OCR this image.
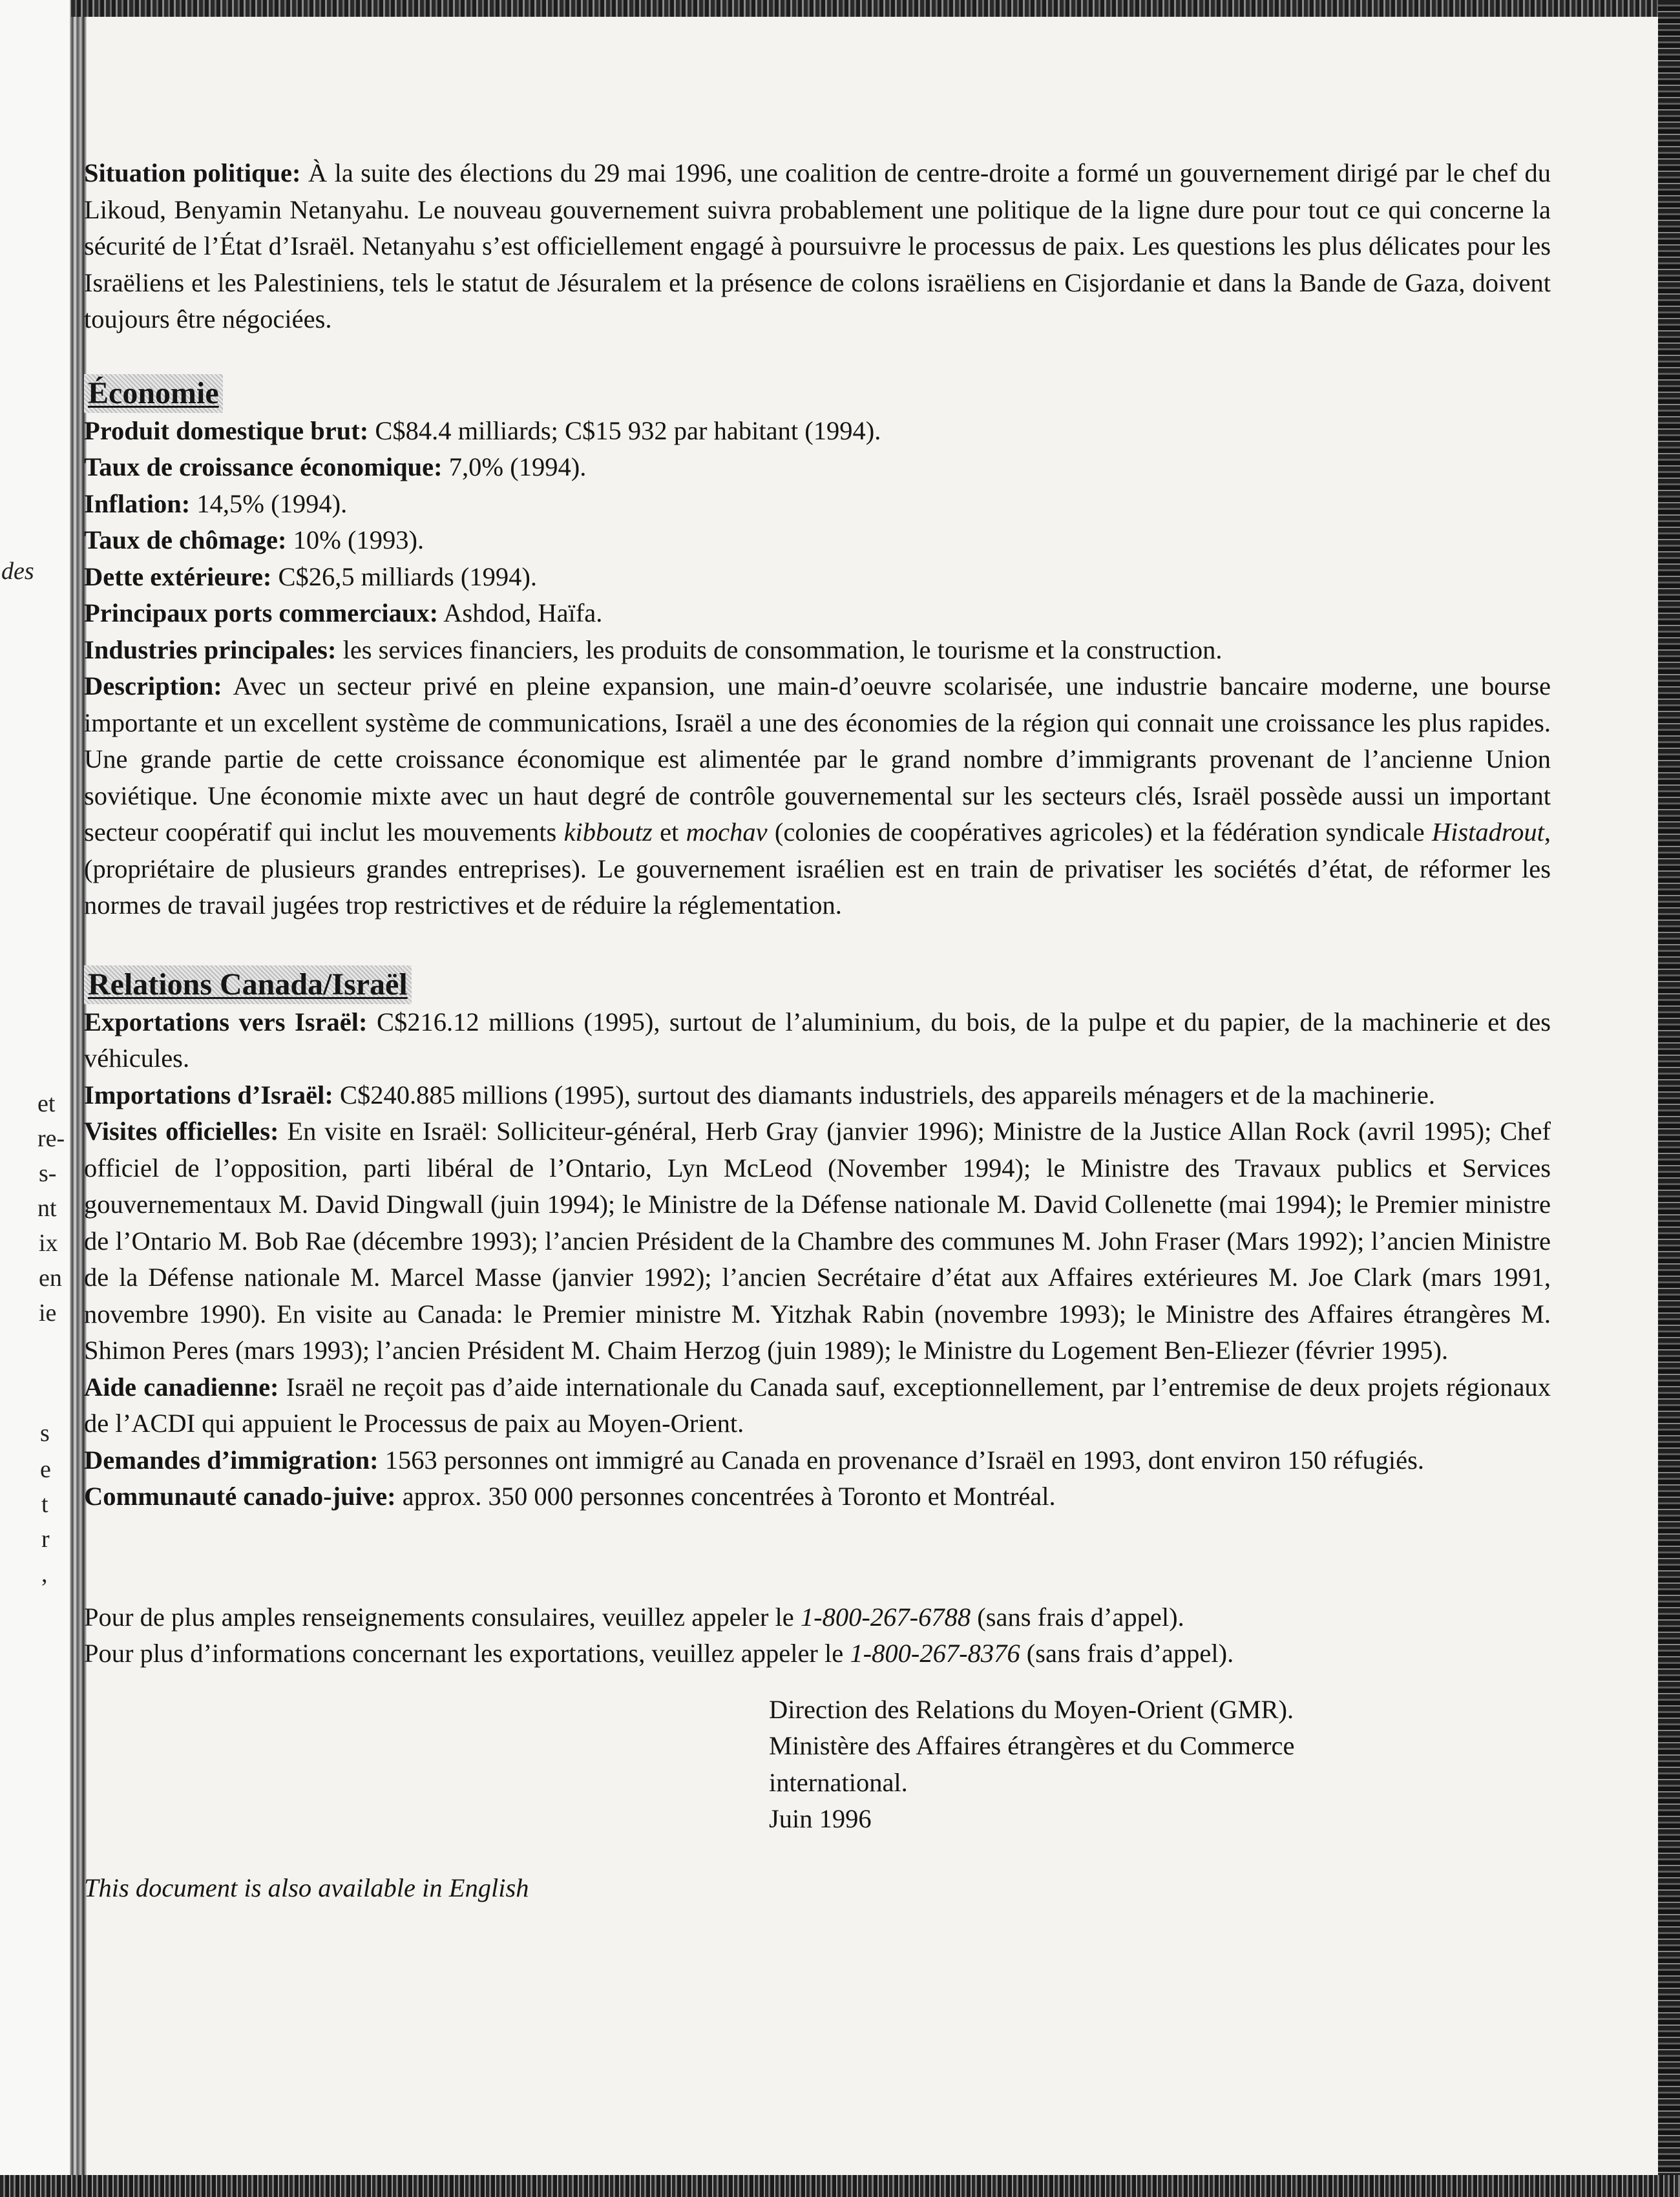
des
et
re-
s-
nt
ix
en
ie
s
e
t
r
,

Situation politique: À la suite des élections du 29 mai 1996, une coalition de centre-droite a formé un gouvernement dirigé par le chef du Likoud, Benyamin Netanyahu. Le nouveau gouvernement suivra probablement une politique de la ligne dure pour tout ce qui concerne la sécurité de l’État d’Israël. Netanyahu s’est officiellement engagé à poursuivre le processus de paix. Les questions les plus délicates pour les Israëliens et les Palestiniens, tels le statut de Jésuralem et la présence de colons israëliens en Cisjordanie et dans la Bande de Gaza, doivent toujours être négociées.

Économie

Produit domestique brut: C$84.4 milliards; C$15 932 par habitant (1994).

Taux de croissance économique: 7,0% (1994).

Inflation: 14,5% (1994).

Taux de chômage: 10% (1993).

Dette extérieure: C$26,5 milliards (1994).

Principaux ports commerciaux: Ashdod, Haïfa.

Industries principales: les services financiers, les produits de consommation, le tourisme et la construction.

Description: Avec un secteur privé en pleine expansion, une main-d’oeuvre scolarisée, une industrie bancaire moderne, une bourse importante et un excellent système de communications, Israël a une des économies de la région qui connait une croissance les plus rapides. Une grande partie de cette croissance économique est alimentée par le grand nombre d’immigrants provenant de l’ancienne Union soviétique. Une économie mixte avec un haut degré de contrôle gouvernemental sur les secteurs clés, Israël possède aussi un important secteur coopératif qui inclut les mouvements kibboutz et mochav (colonies de coopératives agricoles) et la fédération syndicale Histadrout, (propriétaire de plusieurs grandes entreprises). Le gouvernement israélien est en train de privatiser les sociétés d’état, de réformer les normes de travail jugées trop restrictives et de réduire la réglementation.

Relations Canada/Israël

Exportations vers Israël: C$216.12 millions (1995), surtout de l’aluminium, du bois, de la pulpe et du papier, de la machinerie et des véhicules.

Importations d’Israël: C$240.885 millions (1995), surtout des diamants industriels, des appareils ménagers et de la machinerie.

Visites officielles: En visite en Israël: Solliciteur-général, Herb Gray (janvier 1996); Ministre de la Justice Allan Rock (avril 1995); Chef officiel de l’opposition, parti libéral de l’Ontario, Lyn McLeod (November 1994); le Ministre des Travaux publics et Services gouvernementaux M. David Dingwall (juin 1994); le Ministre de la Défense nationale M. David Collenette (mai 1994); le Premier ministre de l’Ontario M. Bob Rae (décembre 1993); l’ancien Président de la Chambre des communes M. John Fraser (Mars 1992); l’ancien Ministre de la Défense nationale M. Marcel Masse (janvier 1992); l’ancien Secrétaire d’état aux Affaires extérieures M. Joe Clark (mars 1991, novembre 1990). En visite au Canada: le Premier ministre M. Yitzhak Rabin (novembre 1993); le Ministre des Affaires étrangères M. Shimon Peres (mars 1993); l’ancien Président M. Chaim Herzog (juin 1989); le Ministre du Logement Ben-Eliezer (février 1995).

Aide canadienne: Israël ne reçoit pas d’aide internationale du Canada sauf, exceptionnellement, par l’entremise de deux projets régionaux de l’ACDI qui appuient le Processus de paix au Moyen-Orient.

Demandes d’immigration: 1563 personnes ont immigré au Canada en provenance d’Israël en 1993, dont environ 150 réfugiés.

Communauté canado-juive: approx. 350 000 personnes concentrées à Toronto et Montréal.

Pour de plus amples renseignements consulaires, veuillez appeler le 1-800-267-6788 (sans frais d’appel).

Pour plus d’informations concernant les exportations, veuillez appeler le 1-800-267-8376 (sans frais d’appel).

Direction des Relations du Moyen-Orient (GMR).
Ministère des Affaires étrangères et du Commerce
international.
Juin 1996
This document is also available in English
